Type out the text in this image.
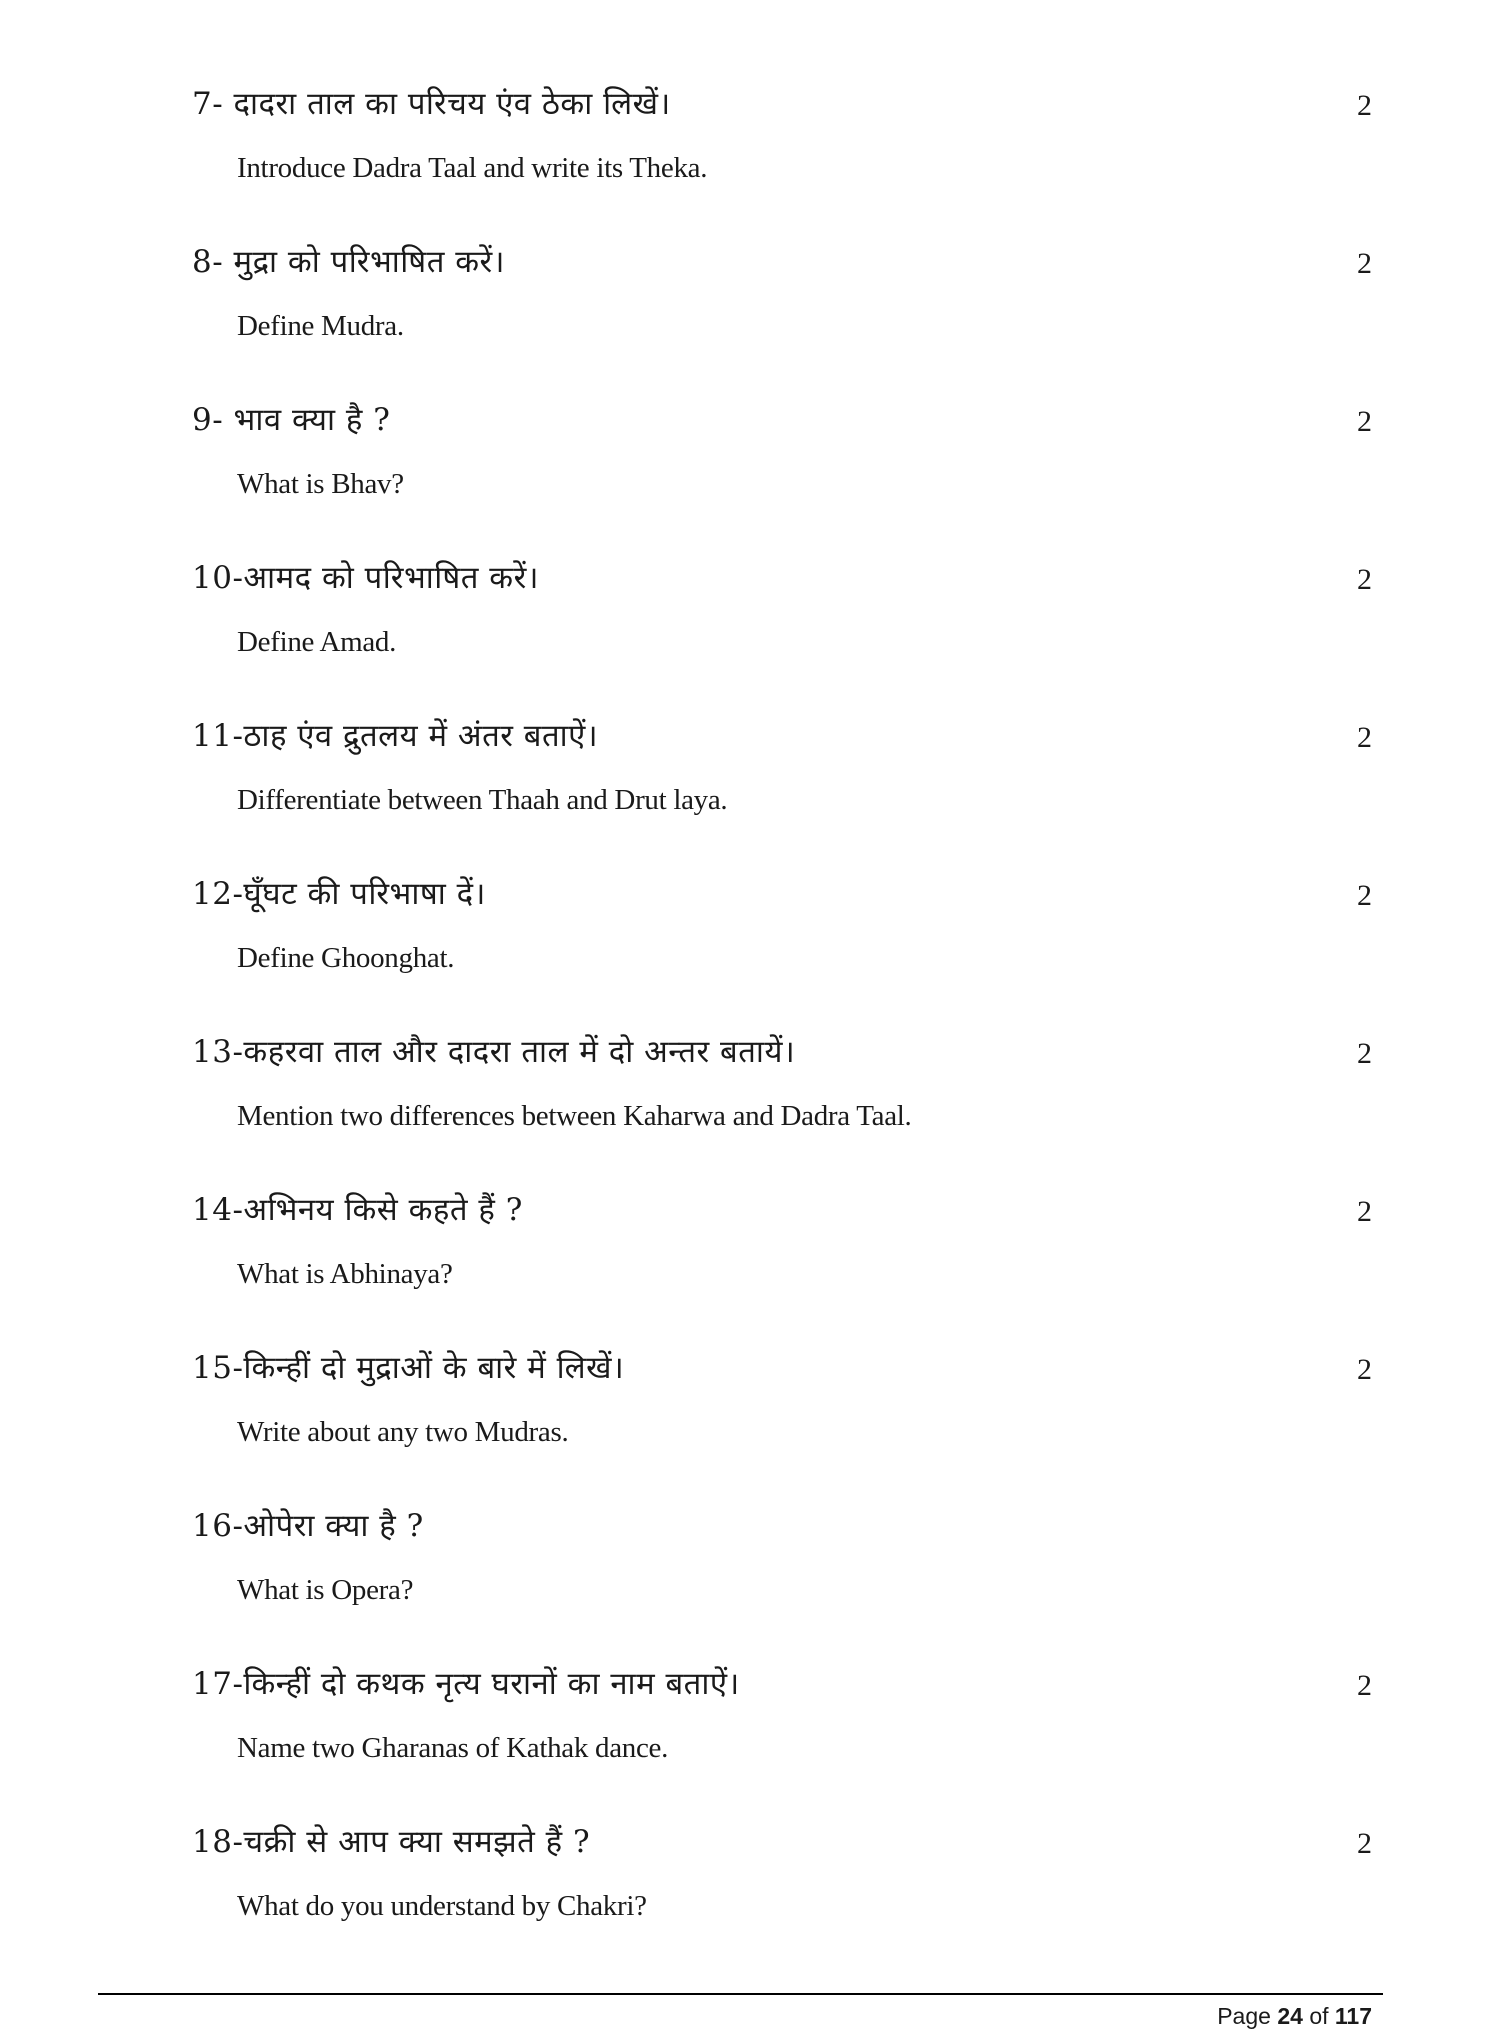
7- दादरा ताल का परिचय एंव ठेका लिखें।
Introduce Dadra Taal and write its Theka.
2
8- मुद्रा को परिभाषित करें।
Define Mudra.
2
9- भाव क्या है ?
What is Bhav?
2
10-आमद को परिभाषित करें।
Define Amad.
2
11-ठाह एंव द्रुतलय में अंतर बताऐं।
Differentiate between Thaah and Drut laya.
2
12-घूँघट की परिभाषा दें।
Define Ghoonghat.
2
13-कहरवा ताल और दादरा ताल में दो अन्तर बतायें।
Mention two differences between Kaharwa and Dadra Taal.
2
14-अभिनय किसे कहते हैं ?
What is Abhinaya?
2
15-किन्हीं दो मुद्राओं के बारे में लिखें।
Write about any two Mudras.
2
16-ओपेरा क्या है ?
What is Opera?
17-किन्हीं दो कथक नृत्य घरानों का नाम बताऐं।
Name two Gharanas of Kathak dance.
2
18-चक्री से आप क्या समझते हैं ?
What do you understand by Chakri?
2
Page 24 of 117
